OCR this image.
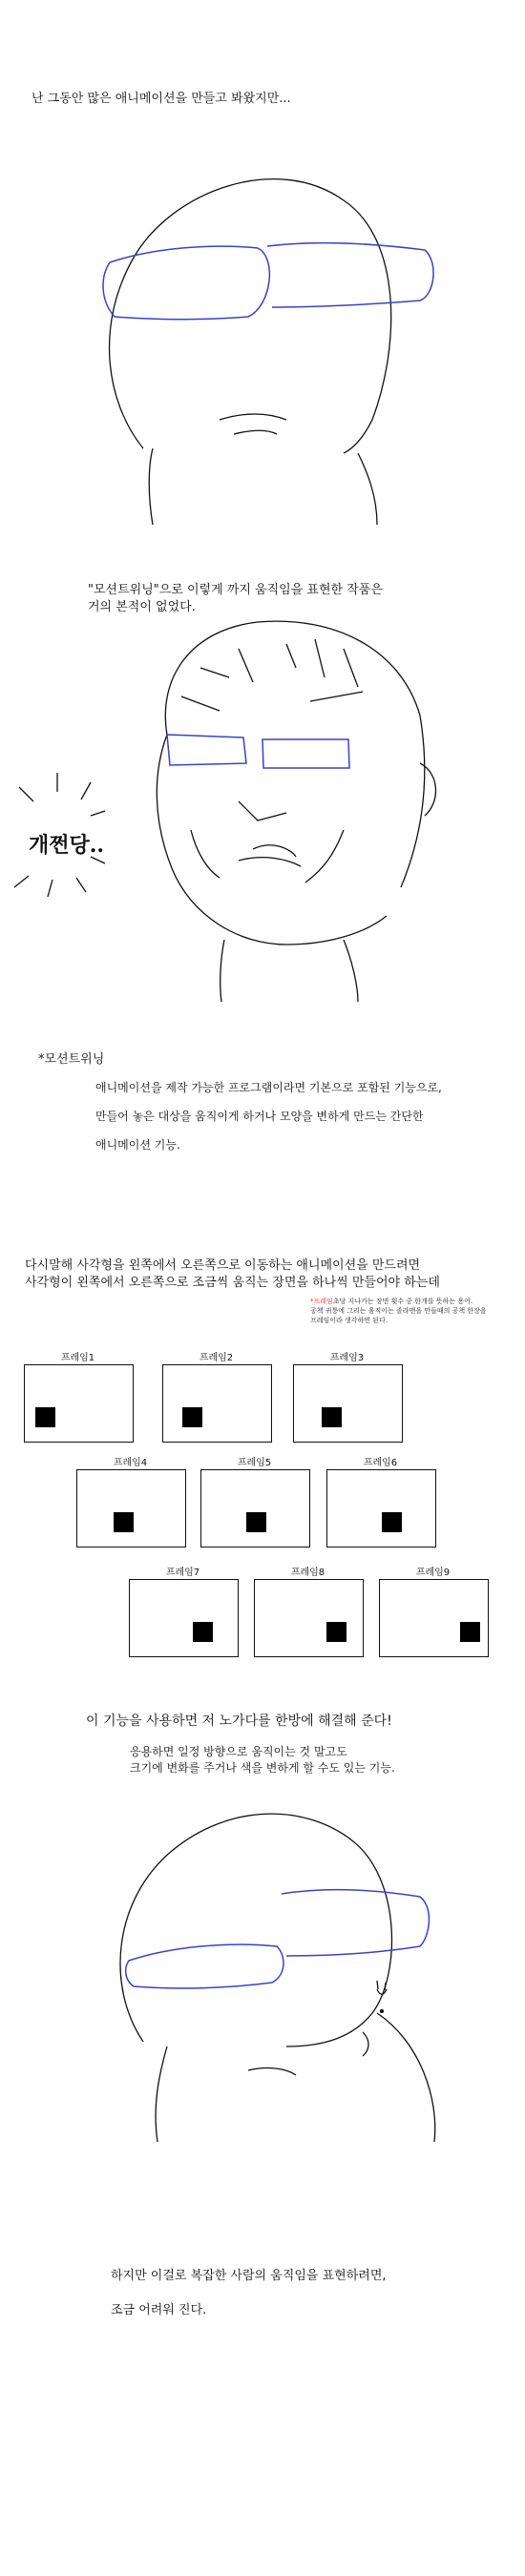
난 그동안 많은 애니메이션을 만들고 봐왔지만...
"모션트위닝"으로 이렇게 까지 움직임을 표현한 작품은
거의 본적이 없었다.
개쩐당..
*모션트위닝
애니메이션을 제작 가능한 프로그램이라면 기본으로 포함된 기능으로,
만들어 놓은 대상을 움직이게 하거나 모양을 변하게 만드는 간단한
애니메이션 기능.
다시말해 사각형을 왼쪽에서 오른쪽으로 이동하는 애니메이션을 만드려면
사각형이 왼쪽에서 오른쪽으로 조금씩 움직는 장면을 하나씩 만들어야 하는데
*프레임초당 지나가는 장면 횟수 중 한개를 뜻하는 용어.
공책 귀퉁에 그리는 움직이는 졸라맨을 만들때의 공책 한장을
프레임이라 생각하면 된다.
프레임1	프레임2	프레임3
프레임4	프레임5	프레임6
프레임7	프레임8	프레임9
이 기능을 사용하면 저 노가다를 한방에 해결해 준다!
응용하면 일정 방향으로 움직이는 것 말고도
크기에 변화를 주거나 색을 변하게 할 수도 있는 기능.
하지만 이걸로 복잡한 사람의 움직임을 표현하려면,
조금 어려워 진다.
